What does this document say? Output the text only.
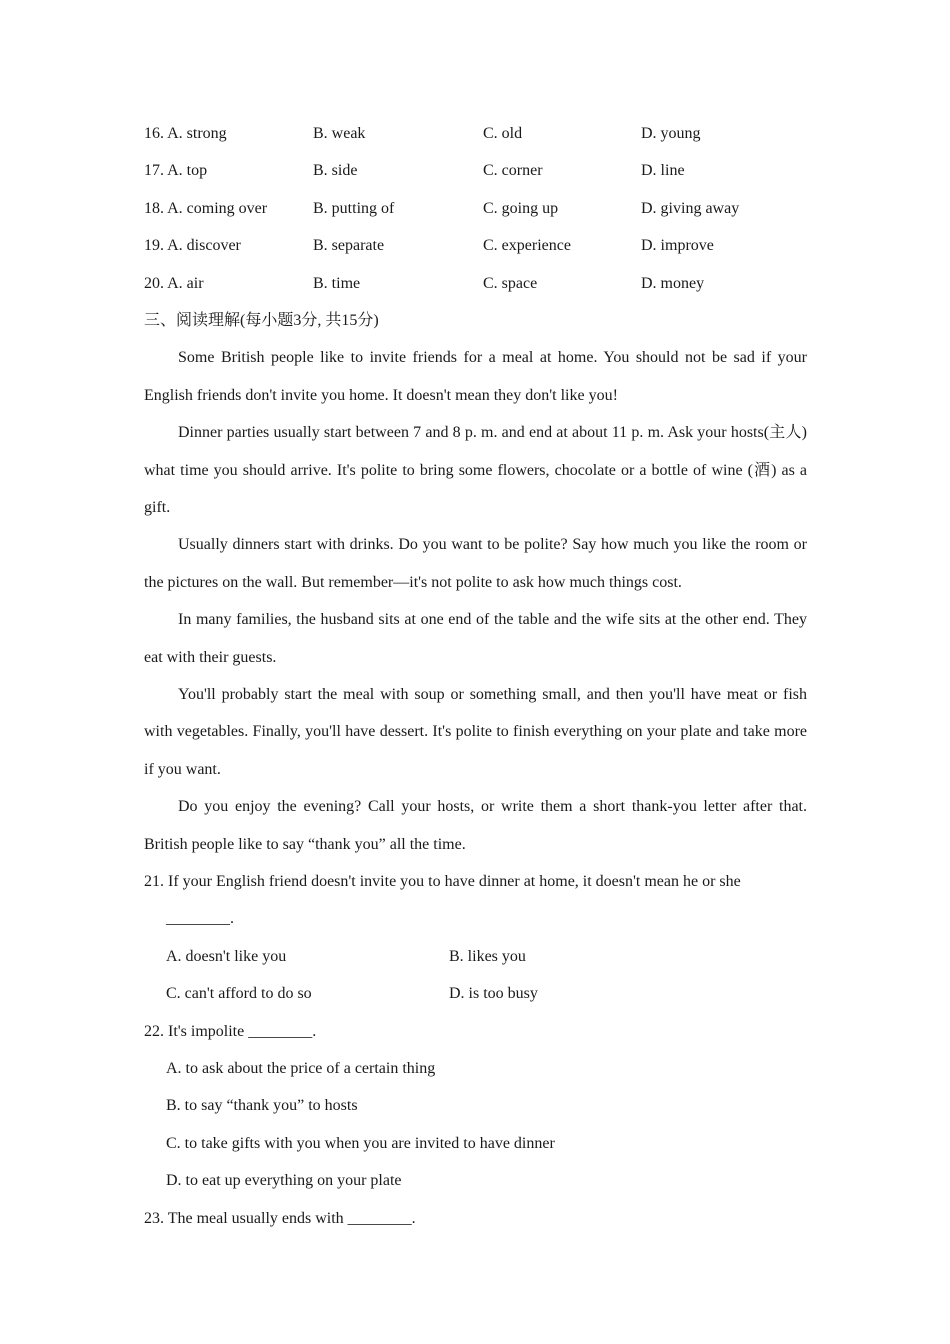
16. A. strong	B. weak	C. old	D. young
17. A. top	B. side	C. corner	D. line
18. A. coming over	B. putting of	C. going up	D. giving away
19. A. discover	B. separate	C. experience	D. improve
20. A. air	B. time	C. space	D. money
三、阅读理解(每小题3分, 共15分)

Some British people like to invite friends for a meal at home. You should not be sad if your English friends don't invite you home. It doesn't mean they don't like you!

Dinner parties usually start between 7 and 8 p. m. and end at about 11 p. m. Ask your hosts(主人) what time you should arrive. It's polite to bring some flowers, chocolate or a bottle of wine (酒) as a gift.

Usually dinners start with drinks. Do you want to be polite? Say how much you like the room or the pictures on the wall. But remember—it's not polite to ask how much things cost.

In many families, the husband sits at one end of the table and the wife sits at the other end. They eat with their guests.

You'll probably start the meal with soup or something small, and then you'll have meat or fish with vegetables. Finally, you'll have dessert. It's polite to finish everything on your plate and take more if you want.

Do you enjoy the evening? Call your hosts, or write them a short thank-you letter after that. British people like to say “thank you” all the time.

21. If your English friend doesn't invite you to have dinner at home, it doesn't mean he or she

________.

A. doesn't like you	B. likes you
C. can't afford to do so	D. is too busy

22. It's impolite ________.

A. to ask about the price of a certain thing
B. to say “thank you” to hosts
C. to take gifts with you when you are invited to have dinner
D. to eat up everything on your plate

23. The meal usually ends with ________.
